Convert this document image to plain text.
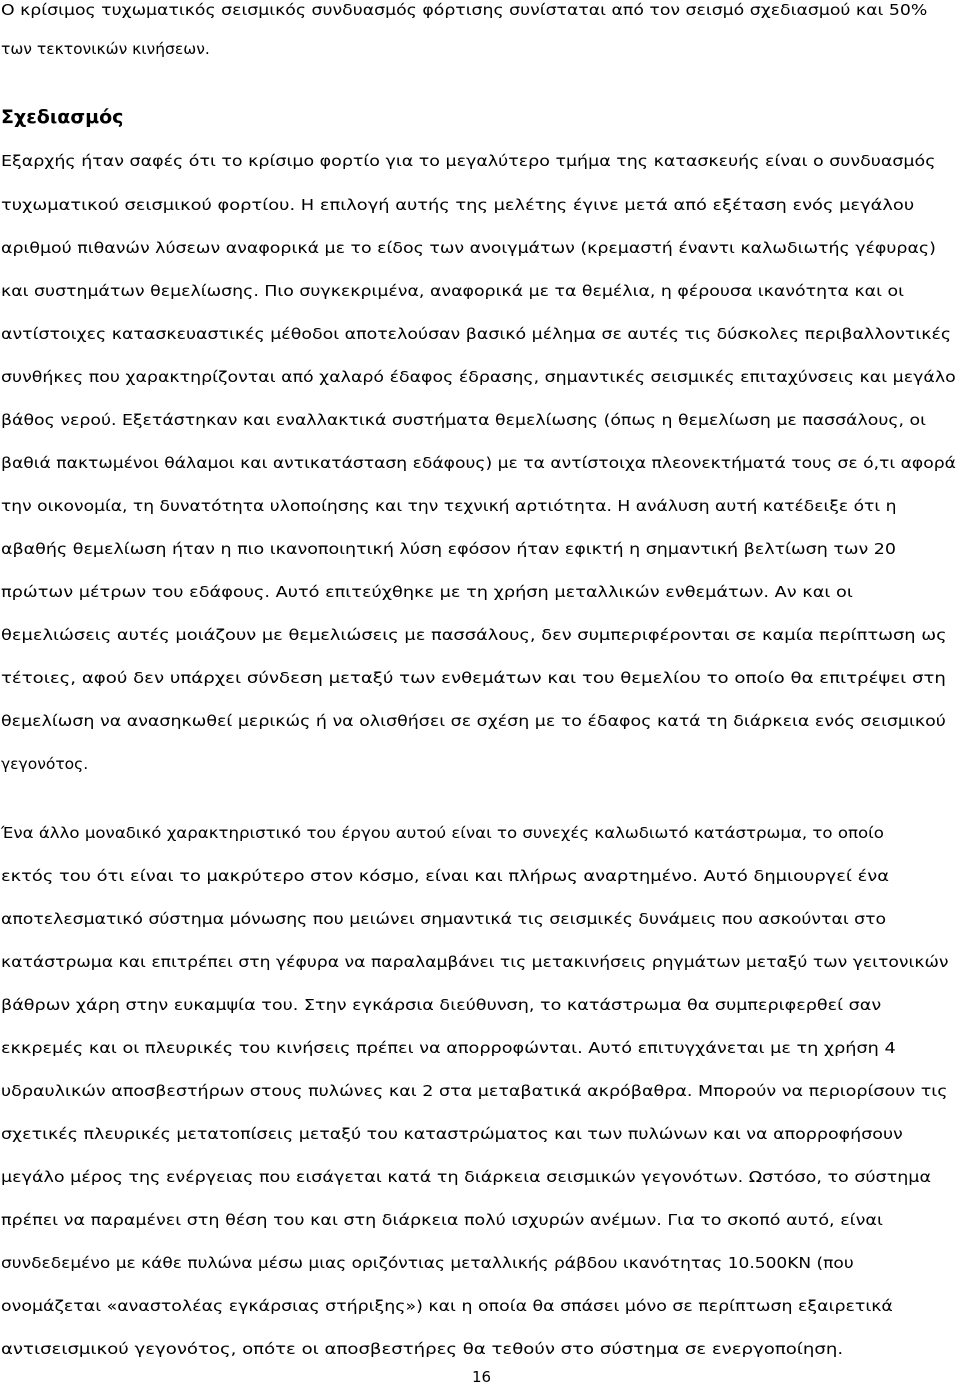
Ο κρίσιμος τυχωματικός σεισμικός συνδυασμός φόρτισης συνίσταται από τον σεισμό σχεδιασμού και 50%
των τεκτονικών κινήσεων.
Σχεδιασμός
Εξαρχής ήταν σαφές ότι το κρίσιμο φορτίο για το μεγαλύτερο τμήμα της κατασκευής είναι ο συνδυασμός
τυχωματικού σεισμικού φορτίου. Η επιλογή αυτής της μελέτης έγινε μετά από εξέταση ενός μεγάλου
αριθμού πιθανών λύσεων αναφορικά με το είδος των ανοιγμάτων (κρεμαστή έναντι καλωδιωτής γέφυρας)
και συστημάτων θεμελίωσης. Πιο συγκεκριμένα, αναφορικά με τα θεμέλια, η φέρουσα ικανότητα και οι
αντίστοιχες κατασκευαστικές μέθοδοι αποτελούσαν βασικό μέλημα σε αυτές τις δύσκολες περιβαλλοντικές
συνθήκες που χαρακτηρίζονται από χαλαρό έδαφος έδρασης, σημαντικές σεισμικές επιταχύνσεις και μεγάλο
βάθος νερού. Εξετάστηκαν και εναλλακτικά συστήματα θεμελίωσης (όπως η θεμελίωση με πασσάλους, οι
βαθιά πακτωμένοι θάλαμοι και αντικατάσταση εδάφους) με τα αντίστοιχα πλεονεκτήματά τους σε ό,τι αφορά
την οικονομία, τη δυνατότητα υλοποίησης και την τεχνική αρτιότητα. Η ανάλυση αυτή κατέδειξε ότι η
αβαθής θεμελίωση ήταν η πιο ικανοποιητική λύση εφόσον ήταν εφικτή η σημαντική βελτίωση των 20
πρώτων μέτρων του εδάφους. Αυτό επιτεύχθηκε με τη χρήση μεταλλικών ενθεμάτων. Αν και οι
θεμελιώσεις αυτές μοιάζουν με θεμελιώσεις με πασσάλους, δεν συμπεριφέρονται σε καμία περίπτωση ως
τέτοιες, αφού δεν υπάρχει σύνδεση μεταξύ των ενθεμάτων και του θεμελίου το οποίο θα επιτρέψει στη
θεμελίωση να ανασηκωθεί μερικώς ή να ολισθήσει σε σχέση με το έδαφος κατά τη διάρκεια ενός σεισμικού
γεγονότος.
Ένα άλλο μοναδικό χαρακτηριστικό του έργου αυτού είναι το συνεχές καλωδιωτό κατάστρωμα, το οποίο
εκτός του ότι είναι το μακρύτερο στον κόσμο, είναι και πλήρως αναρτημένο. Αυτό δημιουργεί ένα
αποτελεσματικό σύστημα μόνωσης που μειώνει σημαντικά τις σεισμικές δυνάμεις που ασκούνται στο
κατάστρωμα και επιτρέπει στη γέφυρα να παραλαμβάνει τις μετακινήσεις ρηγμάτων μεταξύ των γειτονικών
βάθρων χάρη στην ευκαμψία του. Στην εγκάρσια διεύθυνση, το κατάστρωμα θα συμπεριφερθεί σαν
εκκρεμές και οι πλευρικές του κινήσεις πρέπει να απορροφώνται. Αυτό επιτυγχάνεται με τη χρήση 4
υδραυλικών αποσβεστήρων στους πυλώνες και 2 στα μεταβατικά ακρόβαθρα. Μπορούν να περιορίσουν τις
σχετικές πλευρικές μετατοπίσεις μεταξύ του καταστρώματος και των πυλώνων και να απορροφήσουν
μεγάλο μέρος της ενέργειας που εισάγεται κατά τη διάρκεια σεισμικών γεγονότων. Ωστόσο, το σύστημα
πρέπει να παραμένει στη θέση του και στη διάρκεια πολύ ισχυρών ανέμων. Για το σκοπό αυτό, είναι
συνδεδεμένο με κάθε πυλώνα μέσω μιας οριζόντιας μεταλλικής ράβδου ικανότητας 10.500KN (που
ονομάζεται «αναστολέας εγκάρσιας στήριξης») και η οποία θα σπάσει μόνο σε περίπτωση εξαιρετικά
αντισεισμικού γεγονότος, οπότε οι αποσβεστήρες θα τεθούν στο σύστημα σε ενεργοποίηση.
16
